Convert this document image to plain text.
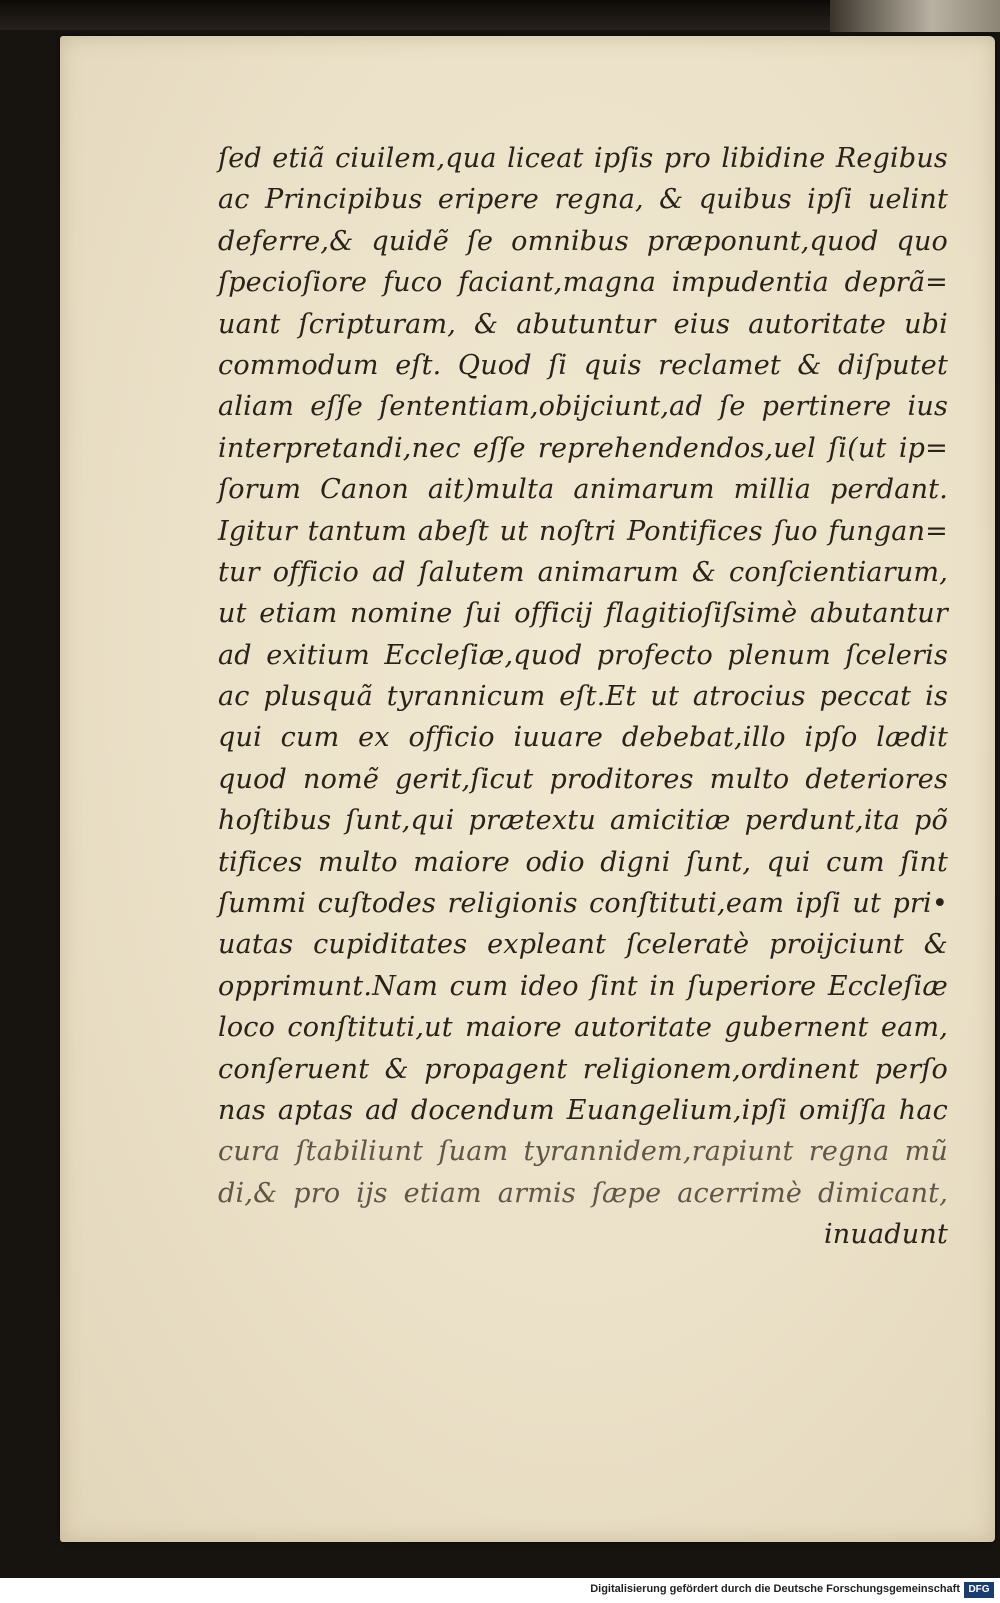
ſed etiã ciuilem,qua liceat ipſis pro libidine Regibus
ac Principibus eripere regna, & quibus ipſi uelint
deferre,& quidẽ ſe omnibus præponunt,quod quo
ſpecioſiore fuco faciant,magna impudentia deprã=
uant ſcripturam, & abutuntur eius autoritate ubi
commodum eſt. Quod ſi quis reclamet & diſputet
aliam eſſe ſententiam,obijciunt,ad ſe pertinere ius
interpretandi,nec eſſe reprehendendos,uel ſi(ut ip=
ſorum Canon ait)multa animarum millia perdant.
Igitur tantum abeſt ut noſtri Pontifices ſuo fungan=
tur officio ad ſalutem animarum & conſcientiarum,
ut etiam nomine ſui officij flagitioſiſsimè abutantur
ad exitium Eccleſiæ,quod profecto plenum ſceleris
ac plusquã tyrannicum eſt.Et ut atrocius peccat is
qui cum ex officio iuuare debebat,illo ipſo lædit
quod nomẽ gerit,ſicut proditores multo deteriores
hoſtibus ſunt,qui prætextu amicitiæ perdunt,ita põ
tifices multo maiore odio digni ſunt, qui cum ſint
ſummi cuſtodes religionis conſtituti,eam ipſi ut pri•
uatas cupiditates expleant ſceleratè proijciunt &
opprimunt.Nam cum ideo ſint in ſuperiore Eccleſiæ
loco conſtituti,ut maiore autoritate gubernent eam,
conſeruent & propagent religionem,ordinent perſo
nas aptas ad docendum Euangelium,ipſi omiſſa hac
cura ſtabiliunt ſuam tyrannidem,rapiunt regna mũ
di,& pro ijs etiam armis ſæpe acerrimè dimicant,
inuadunt
Digitalisierung gefördert durch die Deutsche Forschungsgemeinschaft DFG
